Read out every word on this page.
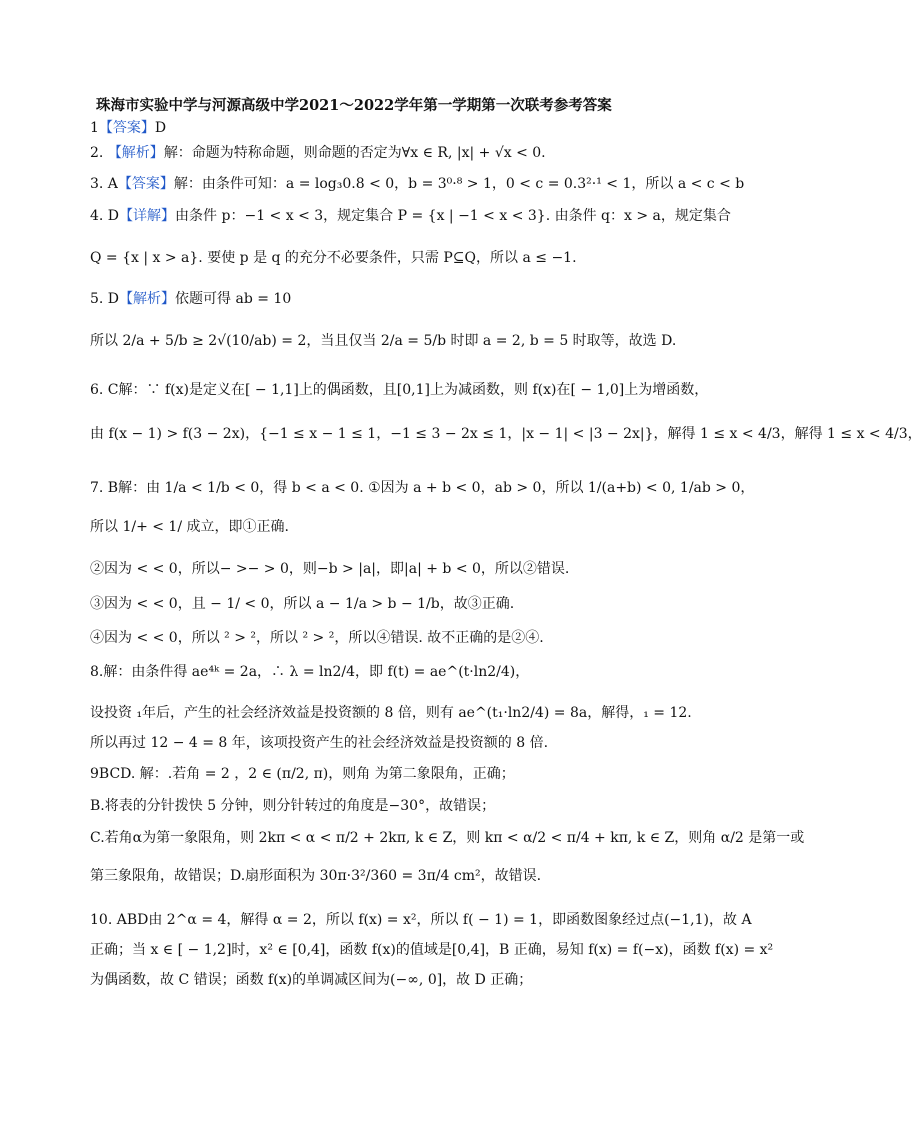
珠海市实验中学与河源高级中学2021～2022学年第一学期第一次联考参考答案
1【答案】D
2. 【解析】解：命题为特称命题，则命题的否定为∀x ∈ R, |x| + √x < 0.
3. A【答案】解：由条件可知：a = log₃0.8 < 0，b = 3⁰·⁸ > 1，0 < c = 0.3²·¹ < 1，所以 a < c < b
4. D【详解】由条件 p：−1 < x < 3，规定集合 P = {x | −1 < x < 3}. 由条件 q：x > a，规定集合
Q = {x | x > a}. 要使 p 是 q 的充分不必要条件，只需 P⊆Q，所以 a ≤ −1.
5. D【解析】依题可得 ab = 10
所以 2/a + 5/b ≥ 2√(10/ab) = 2，当且仅当 2/a = 5/b 时即 a = 2, b = 5 时取等，故选 D.
6. C解：∵ f(x)是定义在[ − 1,1]上的偶函数，且[0,1]上为减函数，则 f(x)在[ − 1,0]上为增函数，
由 f(x − 1) > f(3 − 2x)，{−1 ≤ x − 1 ≤ 1，−1 ≤ 3 − 2x ≤ 1，|x − 1| < |3 − 2x|}，解得 1 ≤ x < 4/3，解得 1 ≤ x < 4/3，
7. B解：由 1/a < 1/b < 0，得 b < a < 0. ①因为 a + b < 0，ab > 0，所以 1/(a+b) < 0, 1/ab > 0，
所以 1/+ < 1/ 成立，即①正确.
②因为 < < 0，所以− >− > 0，则−b > |a|，即|a| + b < 0，所以②错误.
③因为 < < 0，且 − 1/ < 0，所以 a − 1/a > b − 1/b，故③正确.
④因为 < < 0，所以 ² > ²，所以 ² > ²，所以④错误. 故不正确的是②④.
8.解：由条件得 ae⁴ᵏ = 2a，∴ λ = ln2/4，即 f(t) = ae^(t·ln2/4)，
设投资 ₁年后，产生的社会经济效益是投资额的 8 倍，则有 ae^(t₁·ln2/4) = 8a，解得，₁ = 12.
所以再过 12 − 4 = 8 年，该项投资产生的社会经济效益是投资额的 8 倍.
9BCD. 解：.若角 = 2 ，2 ∈ (π/2, π)，则角 为第二象限角，正确；
B.将表的分针拨快 5 分钟，则分针转过的角度是−30°，故错误；
C.若角α为第一象限角，则 2kπ < α < π/2 + 2kπ, k ∈ Z，则 kπ < α/2 < π/4 + kπ, k ∈ Z，则角 α/2 是第一或
第三象限角，故错误；D.扇形面积为 30π·3²/360 = 3π/4 cm²，故错误.
10. ABD由 2^α = 4，解得 α = 2，所以 f(x) = x²，所以 f( − 1) = 1，即函数图象经过点(−1,1)，故 A
正确；当 x ∈ [ − 1,2]时，x² ∈ [0,4]，函数 f(x)的值域是[0,4]，B 正确，易知 f(x) = f(−x)，函数 f(x) = x²
为偶函数，故 C 错误；函数 f(x)的单调减区间为(−∞, 0]，故 D 正确；
